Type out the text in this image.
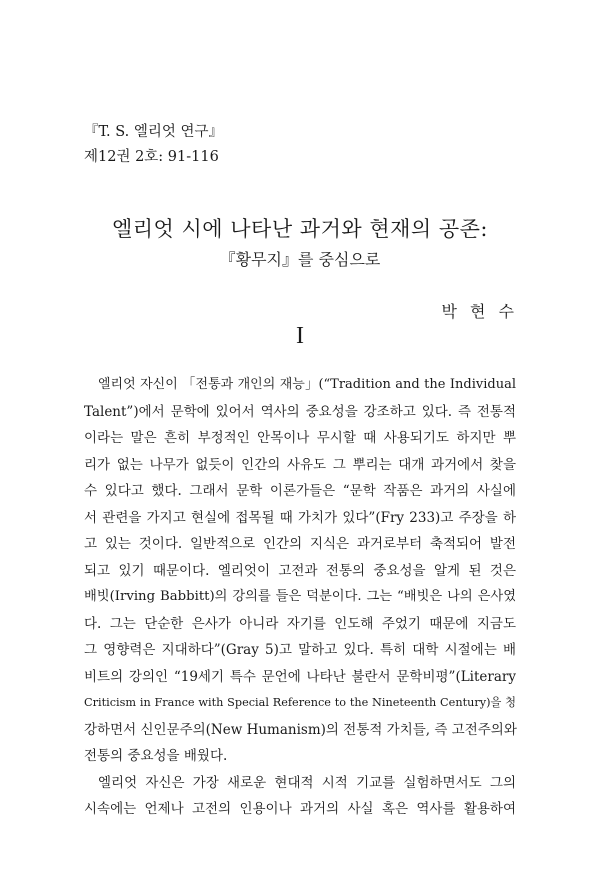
『T. S. 엘리엇 연구』
제12권 2호: 91-116
엘리엇 시에 나타난 과거와 현재의 공존:
『황무지』를 중심으로
박 현 수
I
엘리엇 자신이 「전통과 개인의 재능」(“Tradition and the Individual
Talent”)에서 문학에 있어서 역사의 중요성을 강조하고 있다. 즉 전통적
이라는 말은 흔히 부정적인 안목이나 무시할 때 사용되기도 하지만 뿌
리가 없는 나무가 없듯이 인간의 사유도 그 뿌리는 대개 과거에서 찾을
수 있다고 했다. 그래서 문학 이론가들은 “문학 작품은 과거의 사실에
서 관련을 가지고 현실에 접목될 때 가치가 있다”(Fry 233)고 주장을 하
고 있는 것이다. 일반적으로 인간의 지식은 과거로부터 축적되어 발전
되고 있기 때문이다. 엘리엇이 고전과 전통의 중요성을 알게 된 것은
배빗(Irving Babbitt)의 강의를 들은 덕분이다. 그는 “배빗은 나의 은사였
다. 그는 단순한 은사가 아니라 자기를 인도해 주었기 때문에 지금도
그 영향력은 지대하다”(Gray 5)고 말하고 있다. 특히 대학 시절에는 배
비트의 강의인 “19세기 특수 문언에 나타난 불란서 문학비평”(Literary
Criticism in France with Special Reference to the Nineteenth Century)을 청
강하면서 신인문주의(New Humanism)의 전통적 가치들, 즉 고전주의와
전통의 중요성을 배웠다.
엘리엇 자신은 가장 새로운 현대적 시적 기교를 실험하면서도 그의
시속에는 언제나 고전의 인용이나 과거의 사실 혹은 역사를 활용하여
